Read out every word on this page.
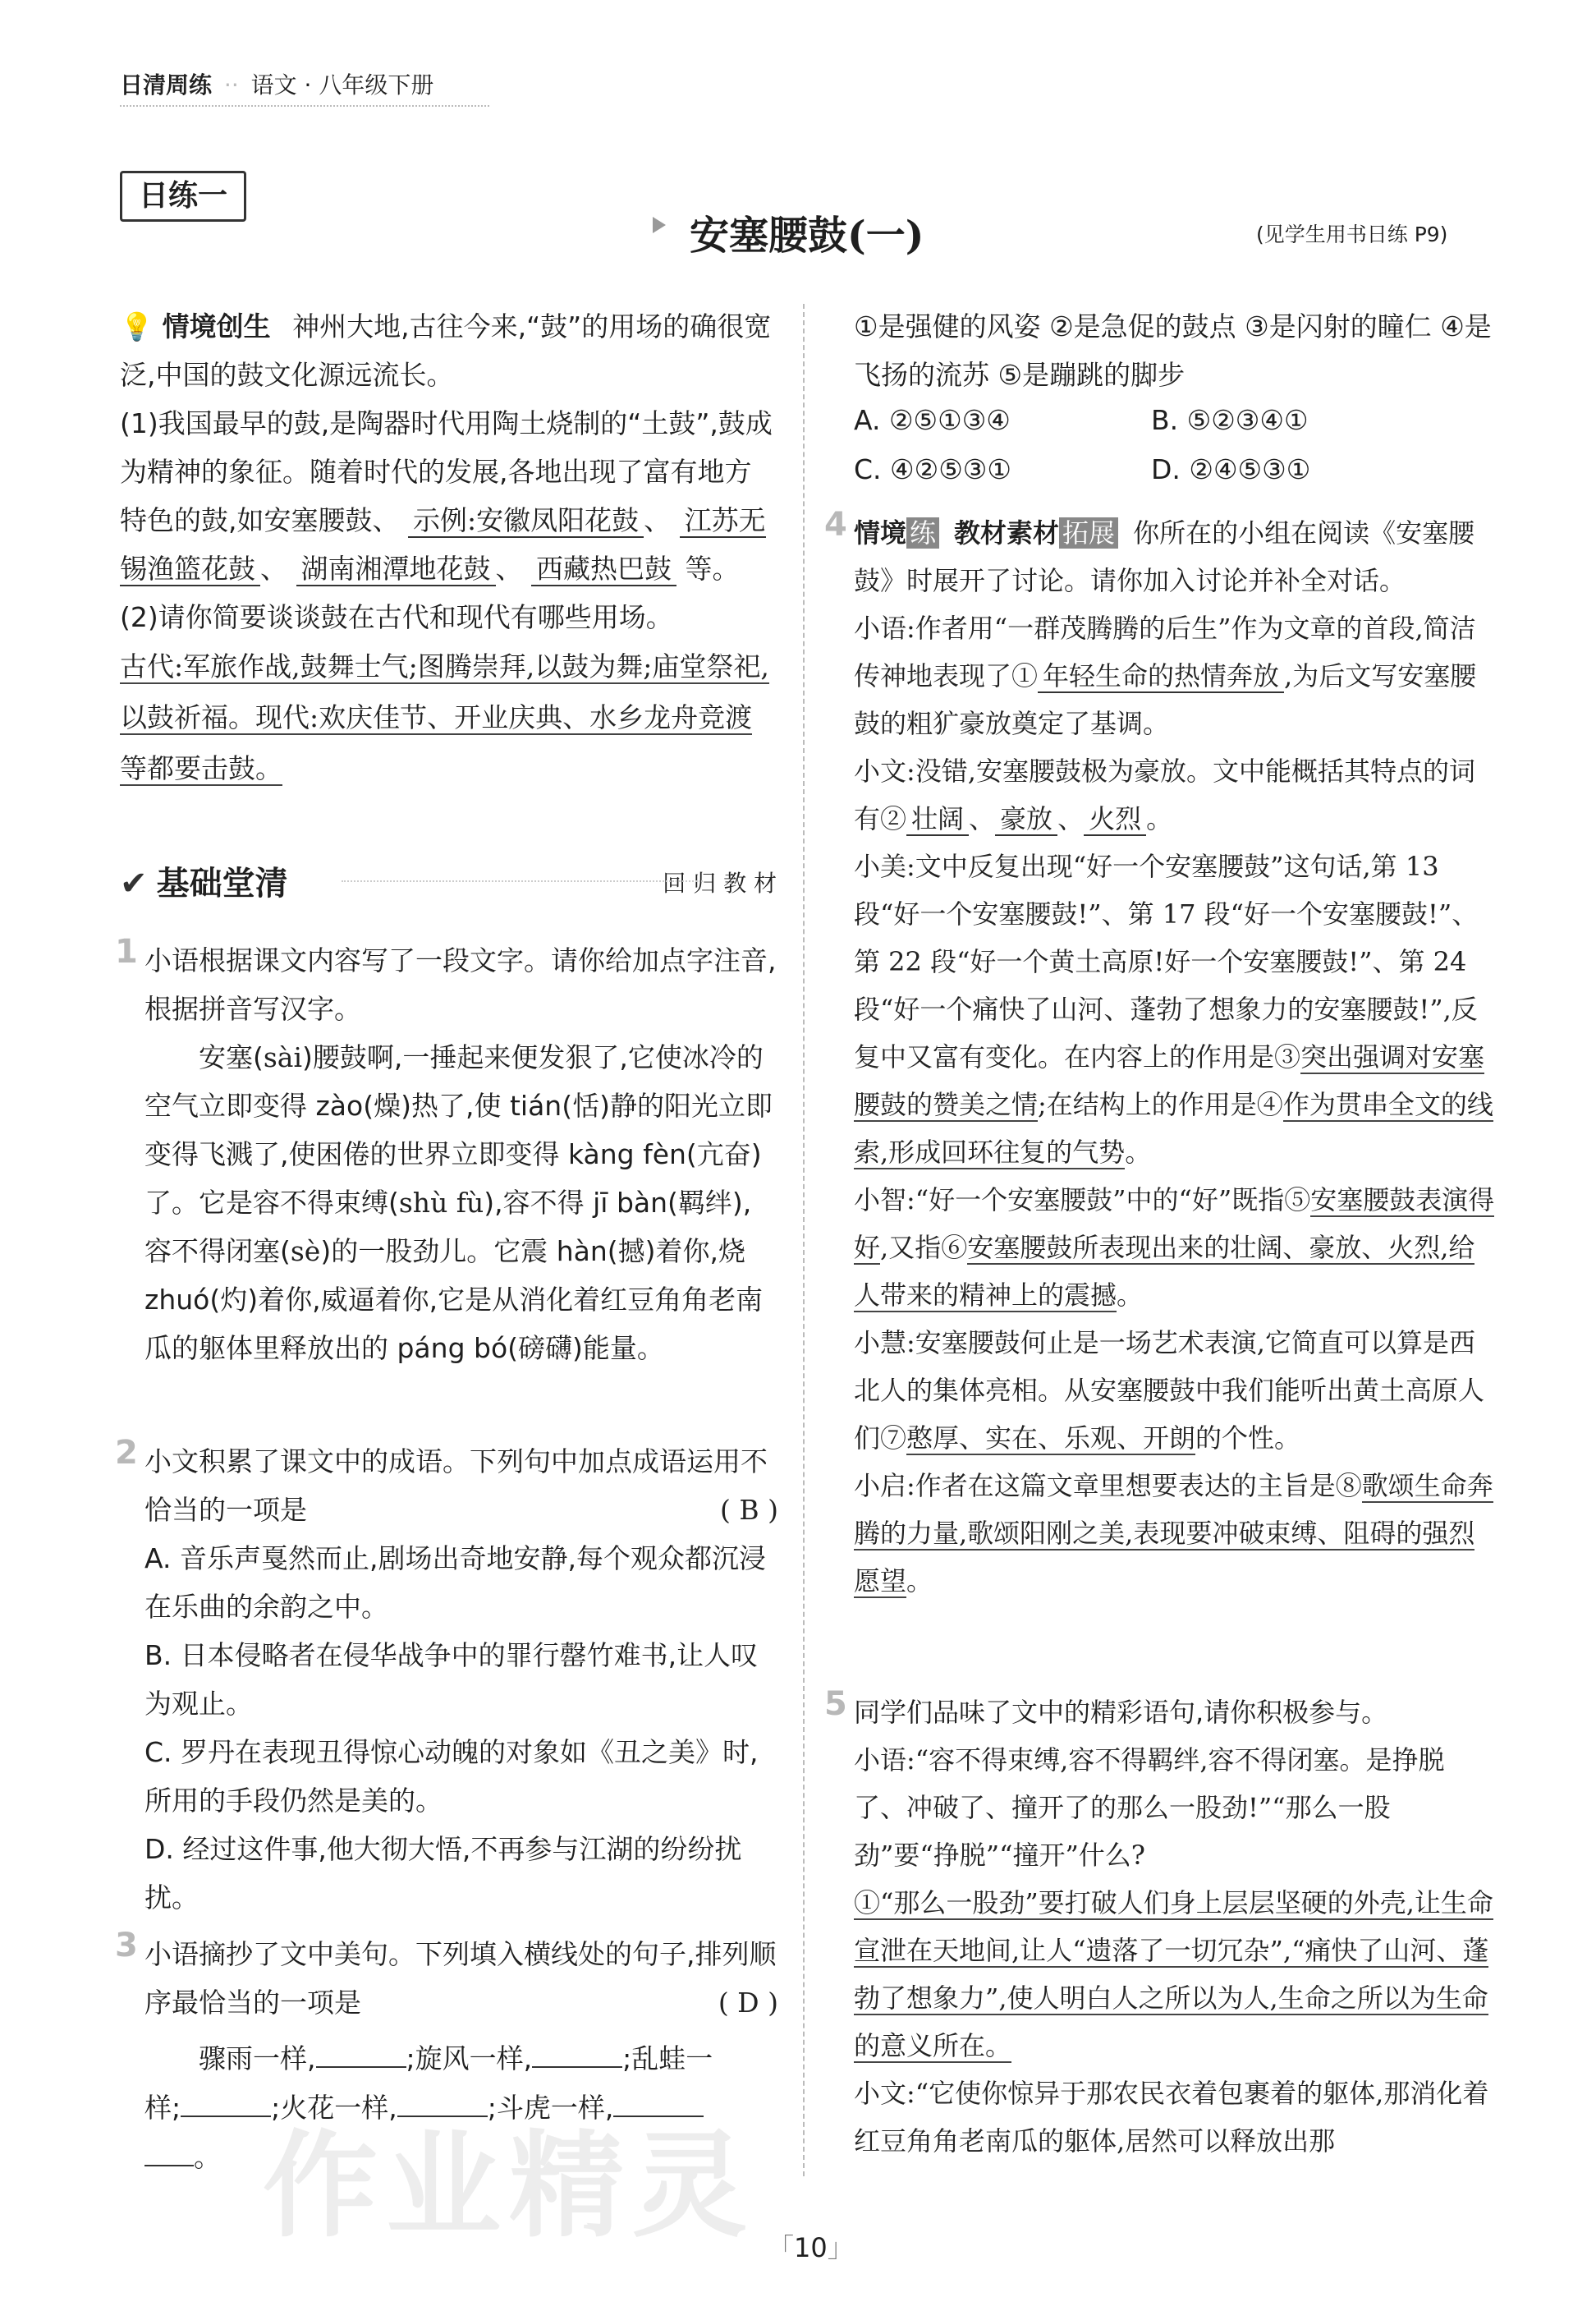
日清周练 ·· 语文 · 八年级下册
日练一
安塞腰鼓(一)	(见学生用书日练 P9)

💡 情境创生 神州大地,古往今来,“鼓”的用场的确很宽泛,中国的鼓文化源远流长。

(1)我国最早的鼓,是陶器时代用陶土烧制的“土鼓”,鼓成为精神的象征。随着时代的发展,各地出现了富有地方特色的鼓,如安塞腰鼓、 示例:安徽凤阳花鼓 、 江苏无锡渔篮花鼓 、 湖南湘潭地花鼓 、 西藏热巴鼓 等。

(2)请你简要谈谈鼓在古代和现代有哪些用场。

古代:军旅作战,鼓舞士气;图腾崇拜,以鼓为舞;庙堂祭祀,以鼓祈福。现代:欢庆佳节、开业庆典、水乡龙舟竞渡等都要击鼓。

✔ 基础堂清	回 归 教 材
1 小语根据课文内容写了一段文字。请你给加点字注音,根据拼音写汉字。

安塞(sài)腰鼓啊,一捶起来便发狠了,它使冰冷的空气立即变得 zào(燥)热了,使 tián(恬)静的阳光立即变得飞溅了,使困倦的世界立即变得 kàng fèn(亢奋)了。它是容不得束缚(shù fù),容不得 jī bàn(羁绊),容不得闭塞(sè)的一股劲儿。它震 hàn(撼)着你,烧 zhuó(灼)着你,威逼着你,它是从消化着红豆角角老南瓜的躯体里释放出的 páng bó(磅礴)能量。

2 小文积累了课文中的成语。下列句中加点成语运用不恰当的一项是	( B )

A. 音乐声戛然而止,剧场出奇地安静,每个观众都沉浸在乐曲的余韵之中。

B. 日本侵略者在侵华战争中的罪行罄竹难书,让人叹为观止。

C. 罗丹在表现丑得惊心动魄的对象如《丑之美》时,所用的手段仍然是美的。

D. 经过这件事,他大彻大悟,不再参与江湖的纷纷扰扰。

3 小语摘抄了文中美句。下列填入横线处的句子,排列顺序最恰当的一项是	( D )

骤雨一样,	;旋风一样,	;乱蛙一

样;	;火花一样,	;斗虎一样,

。

①是强健的风姿 ②是急促的鼓点 ③是闪射的瞳仁 ④是飞扬的流苏 ⑤是蹦跳的脚步
A. ②⑤①③④	B. ⑤②③④①
C. ④②⑤③①	D. ②④⑤③①
4 情境 练 教材素材 拓展 你所在的小组在阅读《安塞腰鼓》时展开了讨论。请你加入讨论并补全对话。

小语:作者用“一群茂腾腾的后生”作为文章的首段,简洁传神地表现了① 年轻生命的热情奔放 ,为后文写安塞腰鼓的粗犷豪放奠定了基调。

小文:没错,安塞腰鼓极为豪放。文中能概括其特点的词有② 壮阔 、 豪放 、 火烈 。

小美:文中反复出现“好一个安塞腰鼓”这句话,第 13 段“好一个安塞腰鼓!”、第 17 段“好一个安塞腰鼓!”、第 22 段“好一个黄土高原!好一个安塞腰鼓!”、第 24 段“好一个痛快了山河、蓬勃了想象力的安塞腰鼓!”,反复中又富有变化。在内容上的作用是③突出强调对安塞腰鼓的赞美之情;在结构上的作用是④作为贯串全文的线索,形成回环往复的气势。

小智:“好一个安塞腰鼓”中的“好”既指⑤安塞腰鼓表演得好,又指⑥安塞腰鼓所表现出来的壮阔、豪放、火烈,给人带来的精神上的震撼。

小慧:安塞腰鼓何止是一场艺术表演,它简直可以算是西北人的集体亮相。从安塞腰鼓中我们能听出黄土高原人们⑦憨厚、实在、乐观、开朗的个性。

小启:作者在这篇文章里想要表达的主旨是⑧歌颂生命奔腾的力量,歌颂阳刚之美,表现要冲破束缚、阻碍的强烈愿望。

5 同学们品味了文中的精彩语句,请你积极参与。

小语:“容不得束缚,容不得羁绊,容不得闭塞。是挣脱了、冲破了、撞开了的那么一股劲!”“那么一股劲”要“挣脱”“撞开”什么?

①“那么一股劲”要打破人们身上层层坚硬的外壳,让生命宣泄在天地间,让人“遗落了一切冗杂”,“痛快了山河、蓬勃了想象力”,使人明白人之所以为人,生命之所以为生命的意义所在。

小文:“它使你惊异于那农民衣着包裹着的躯体,那消化着红豆角角老南瓜的躯体,居然可以释放出那

「10」
作业精灵
